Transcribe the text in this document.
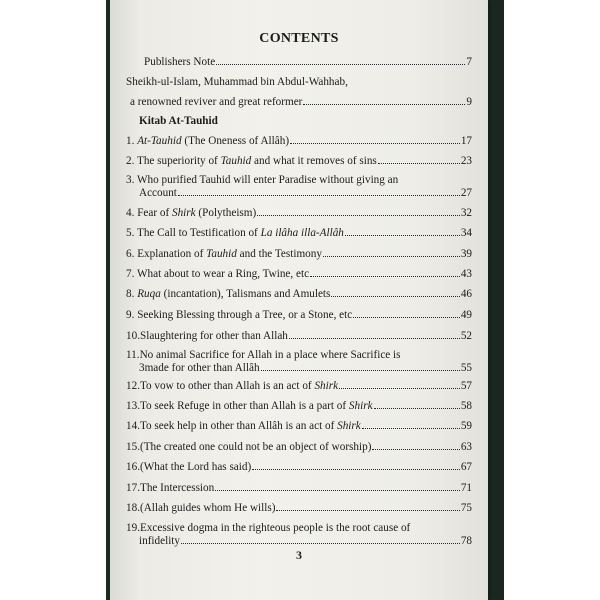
CONTENTS
Publishers Note	7
Sheikh-ul-Islam, Muhammad bin Abdul-Wahhab,
a renowned reviver and great reformer	9
Kitab At-Tauhid
1. At-Tauhid (The Oneness of Allâh)	17
2. The superiority of Tauhid and what it removes of sins	23
3. Who purified Tauhid will enter Paradise without giving an
Account	27
4. Fear of Shirk (Polytheism)	32
5. The Call to Testification of La ilâha illa-Allâh	34
6. Explanation of Tauhid and the Testimony	39
7. What about to wear a Ring, Twine, etc	43
8. Ruqa (incantation), Talismans and Amulets	46
9. Seeking Blessing through a Tree, or a Stone, etc	49
10.Slaughtering for other than Allah	52
11.No animal Sacrifice for Allah in a place where Sacrifice is
3made for other than Allâh	55
12.To vow to other than Allah is an act of Shirk	57
13.To seek Refuge in other than Allah is a part of Shirk	58
14.To seek help in other than Allâh is an act of Shirk	59
15.(The created one could not be an object of worship)	63
16.(What the Lord has said)	67
17.The Intercession	71
18.(Allah guides whom He wills)	75
19.Excessive dogma in the righteous people is the root cause of
infidelity	78
3
